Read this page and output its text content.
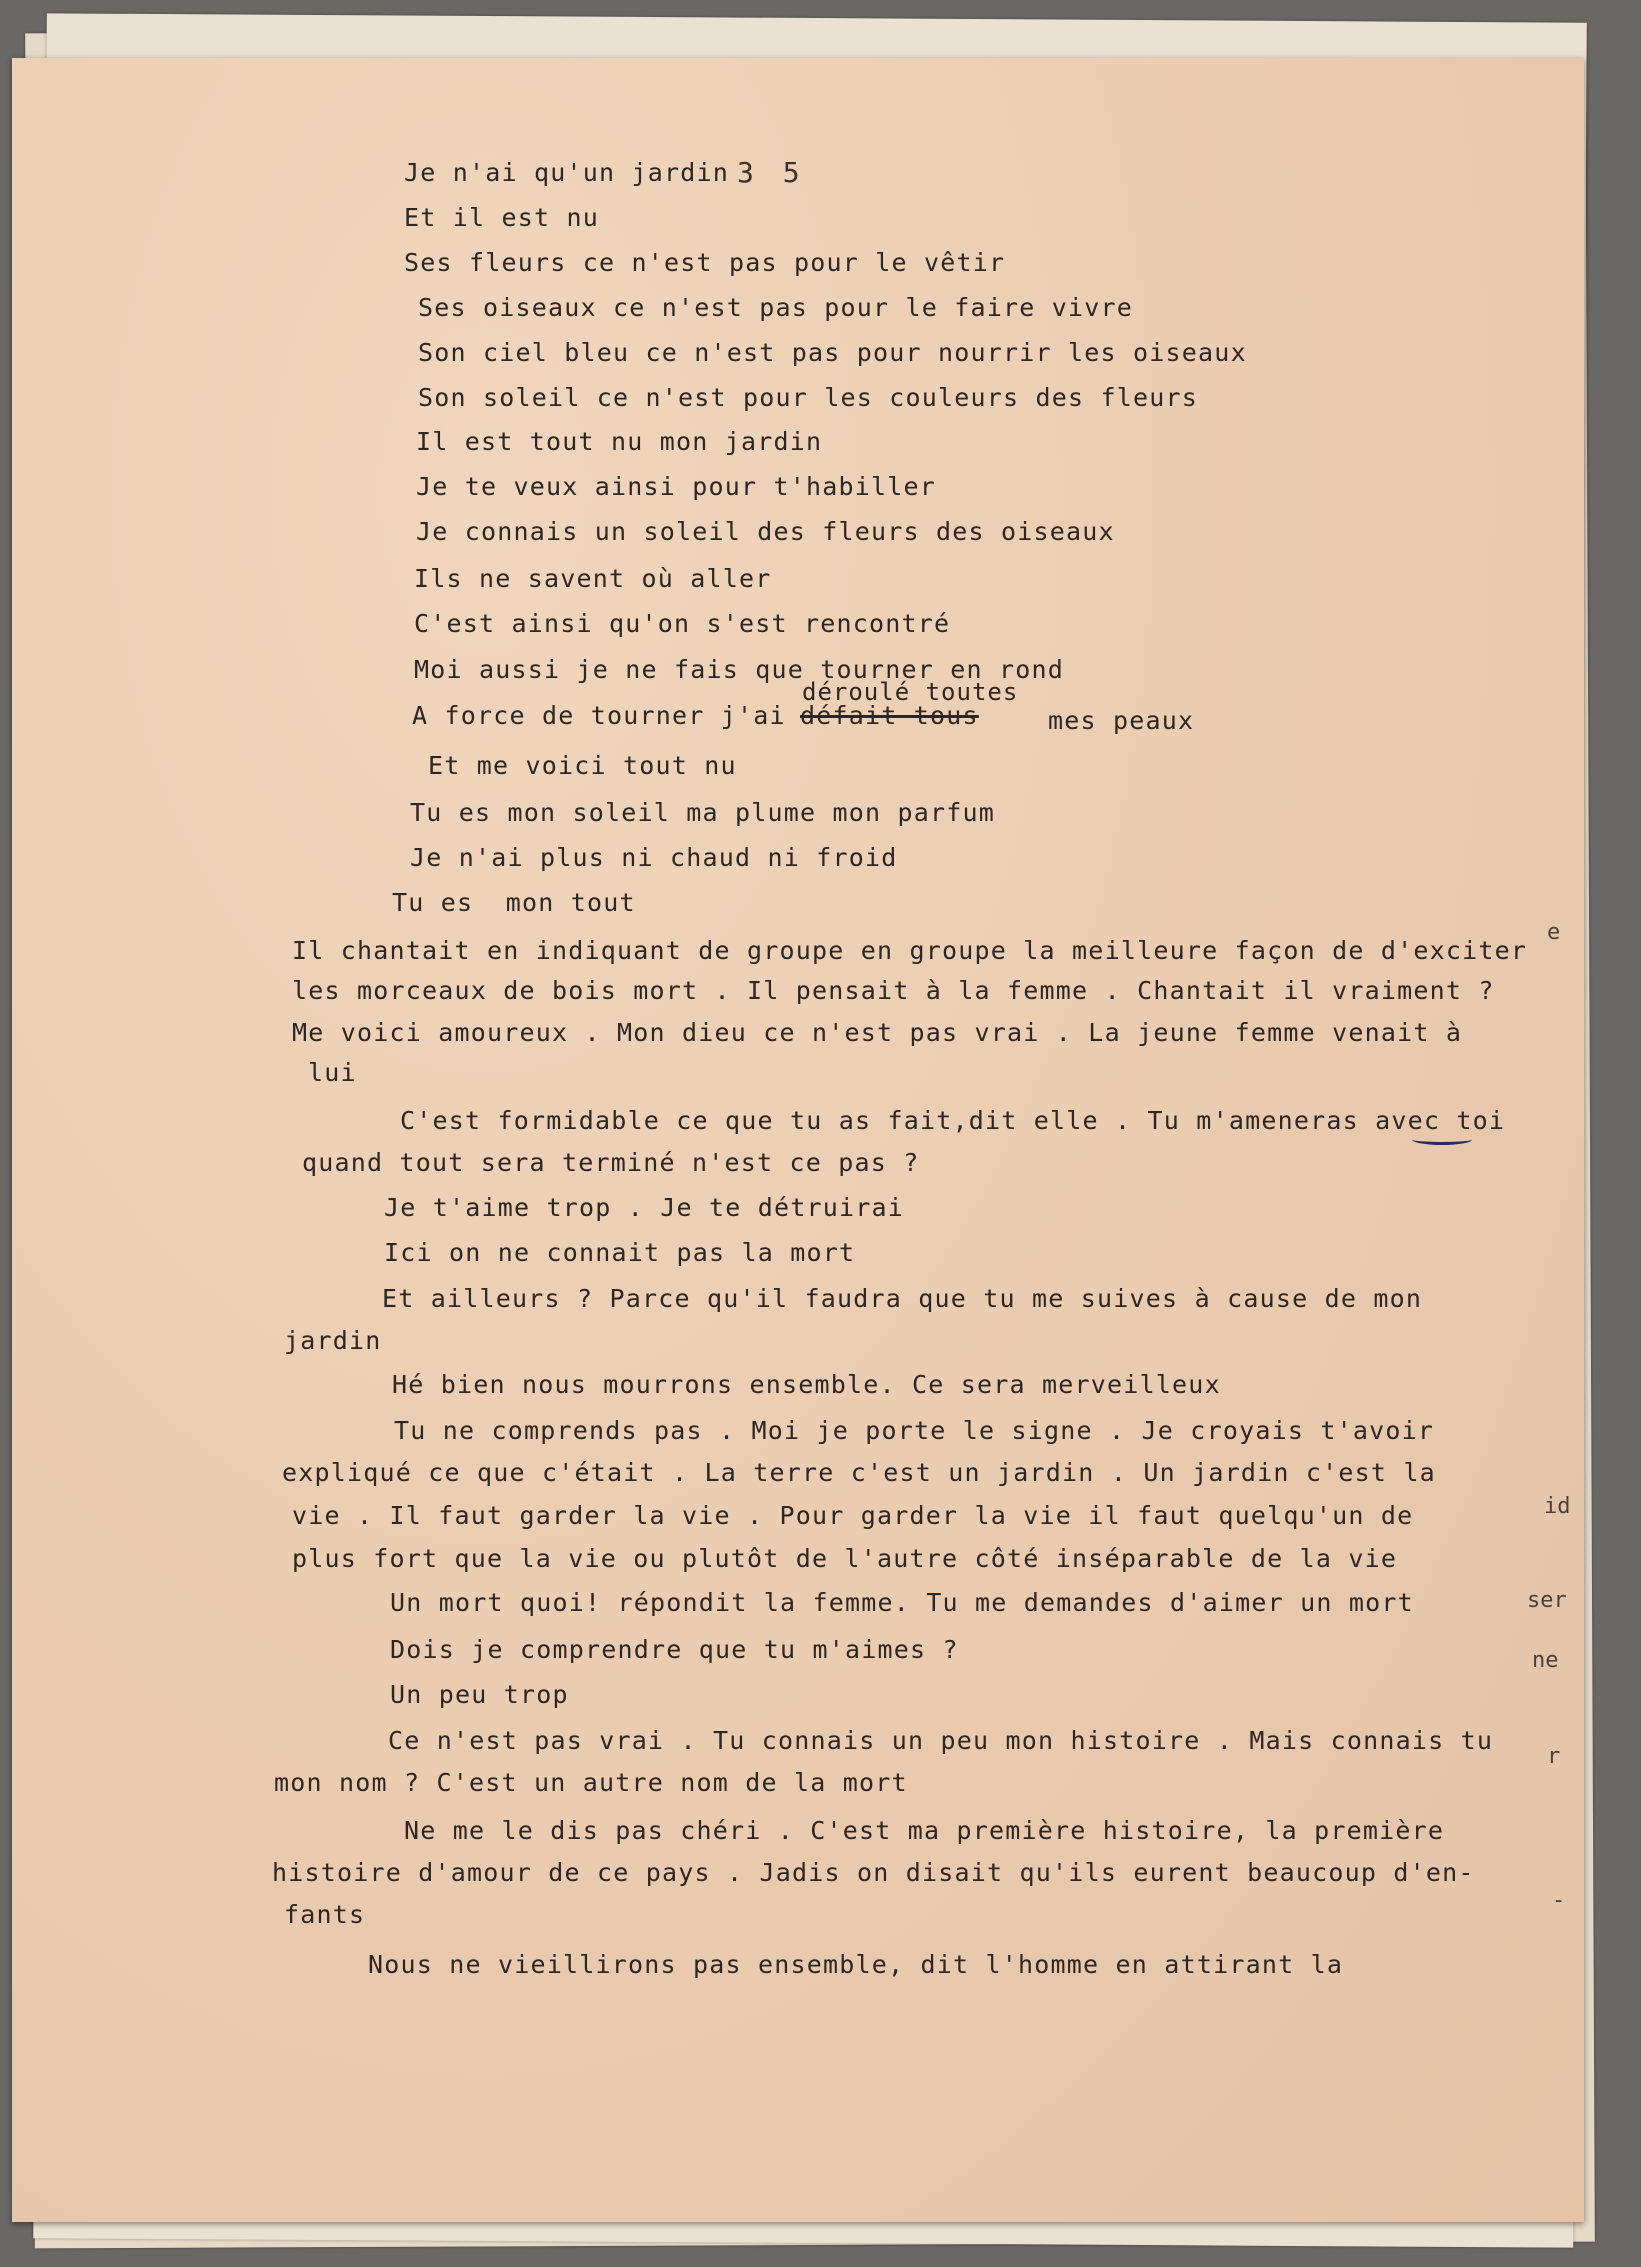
3 5
Je n'ai qu'un jardin
Et il est nu
Ses fleurs ce n'est pas pour le vêtir
Ses oiseaux ce n'est pas pour le faire vivre
Son ciel bleu ce n'est pas pour nourrir les oiseaux
Son soleil ce n'est pour les couleurs des fleurs
Il est tout nu mon jardin
Je te veux ainsi pour t'habiller
Je connais un soleil des fleurs des oiseaux
Ils ne savent où aller
C'est ainsi qu'on s'est rencontré
Moi aussi je ne fais que tourner en rond
A force de tourner j'ai défait tous
déroulé toutes
mes peaux
Et me voici tout nu
Tu es mon soleil ma plume mon parfum
Je n'ai plus ni chaud ni froid
Tu es  mon tout
Il chantait en indiquant de groupe en groupe la meilleure façon de d'exciter
les morceaux de bois mort . Il pensait à la femme . Chantait il vraiment ?
Me voici amoureux . Mon dieu ce n'est pas vrai . La jeune femme venait à
lui
C'est formidable ce que tu as fait,dit elle . Tu m'ameneras avec toi
quand tout sera terminé n'est ce pas ?
Je t'aime trop . Je te détruirai
Ici on ne connait pas la mort
Et ailleurs ? Parce qu'il faudra que tu me suives à cause de mon
jardin
Hé bien nous mourrons ensemble. Ce sera merveilleux
Tu ne comprends pas . Moi je porte le signe . Je croyais t'avoir
expliqué ce que c'était . La terre c'est un jardin . Un jardin c'est la
vie . Il faut garder la vie . Pour garder la vie il faut quelqu'un de
plus fort que la vie ou plutôt de l'autre côté inséparable de la vie
Un mort quoi! répondit la femme. Tu me demandes d'aimer un mort
Dois je comprendre que tu m'aimes ?
Un peu trop
Ce n'est pas vrai . Tu connais un peu mon histoire . Mais connais tu
mon nom ? C'est un autre nom de la mort
Ne me le dis pas chéri . C'est ma première histoire, la première
histoire d'amour de ce pays . Jadis on disait qu'ils eurent beaucoup d'en-
fants
Nous ne vieillirons pas ensemble, dit l'homme en attirant la
e
id
ser
ne
r
-
